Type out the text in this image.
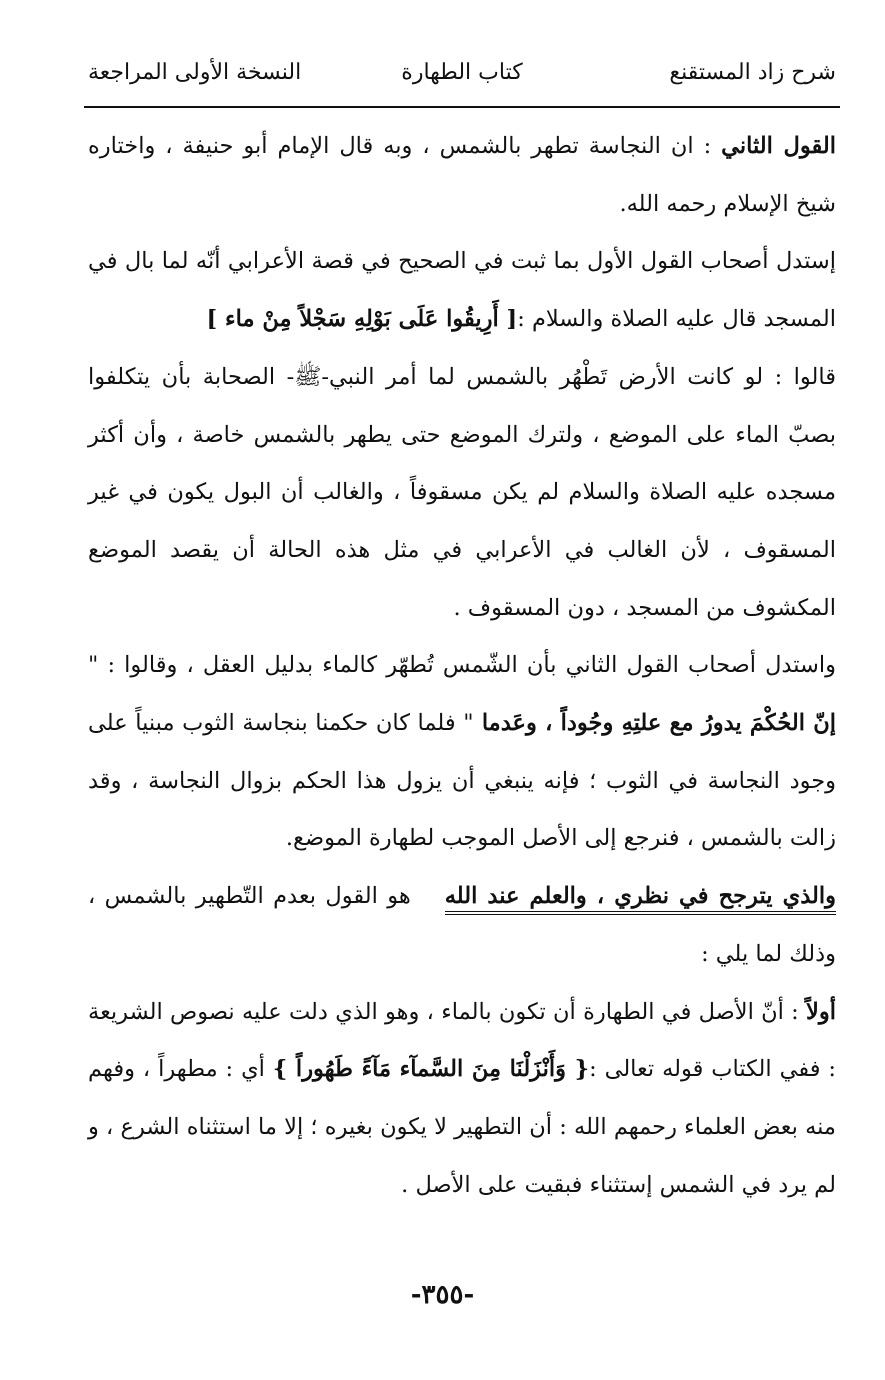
شرح زاد المستقنع
كتاب الطهارة
النسخة الأولى المراجعة

القول الثاني : ان النجاسة تطهر بالشمس ، وبه قال الإمام أبو حنيفة ، واختاره شيخ الإسلام رحمه الله.

إستدل أصحاب القول الأول بما ثبت في الصحيح في قصة الأعرابي أنّه لما بال في المسجد قال عليه الصلاة والسلام :[ أَرِيقُوا عَلَى بَوْلِهِ سَجْلاً مِنْ ماء ]

قالوا : لو كانت الأرض تَطْهُر بالشمس لما أمر النبي-ﷺ- الصحابة بأن يتكلفوا بصبّ الماء على الموضع ، ولترك الموضع حتى يطهر بالشمس خاصة ، وأن أكثر مسجده عليه الصلاة والسلام لم يكن مسقوفاً ، والغالب أن البول يكون في غير المسقوف ، لأن الغالب في الأعرابي في مثل هذه الحالة أن يقصد الموضع المكشوف من المسجد ، دون المسقوف .

واستدل أصحاب القول الثاني بأن الشّمس تُطهّر كالماء بدليل العقل ، وقالوا : " إنّ الحُكْمَ يدورُ مع علتِهِ وجُوداً ، وعَدما " فلما كان حكمنا بنجاسة الثوب مبنياً على وجود النجاسة في الثوب ؛ فإنه ينبغي أن يزول هذا الحكم بزوال النجاسة ، وقد زالت بالشمس ، فنرجع إلى الأصل الموجب لطهارة الموضع.

والذي يترجح في نظري ، والعلم عند اللههو القول بعدم التّطهير بالشمس ، وذلك لما يلي :

أولاً : أنّ الأصل في الطهارة أن تكون بالماء ، وهو الذي دلت عليه نصوص الشريعة : ففي الكتاب قوله تعالى :{ وَأَنْزَلْنَا مِنَ السَّمآء مَآءً طَهُوراً } أي : مطهراً ، وفهم منه بعض العلماء رحمهم الله : أن التطهير لا يكون بغيره ؛ إلا ما استثناه الشرع ، و لم يرد في الشمس إستثناء فبقيت على الأصل .

-٣٥٥-
